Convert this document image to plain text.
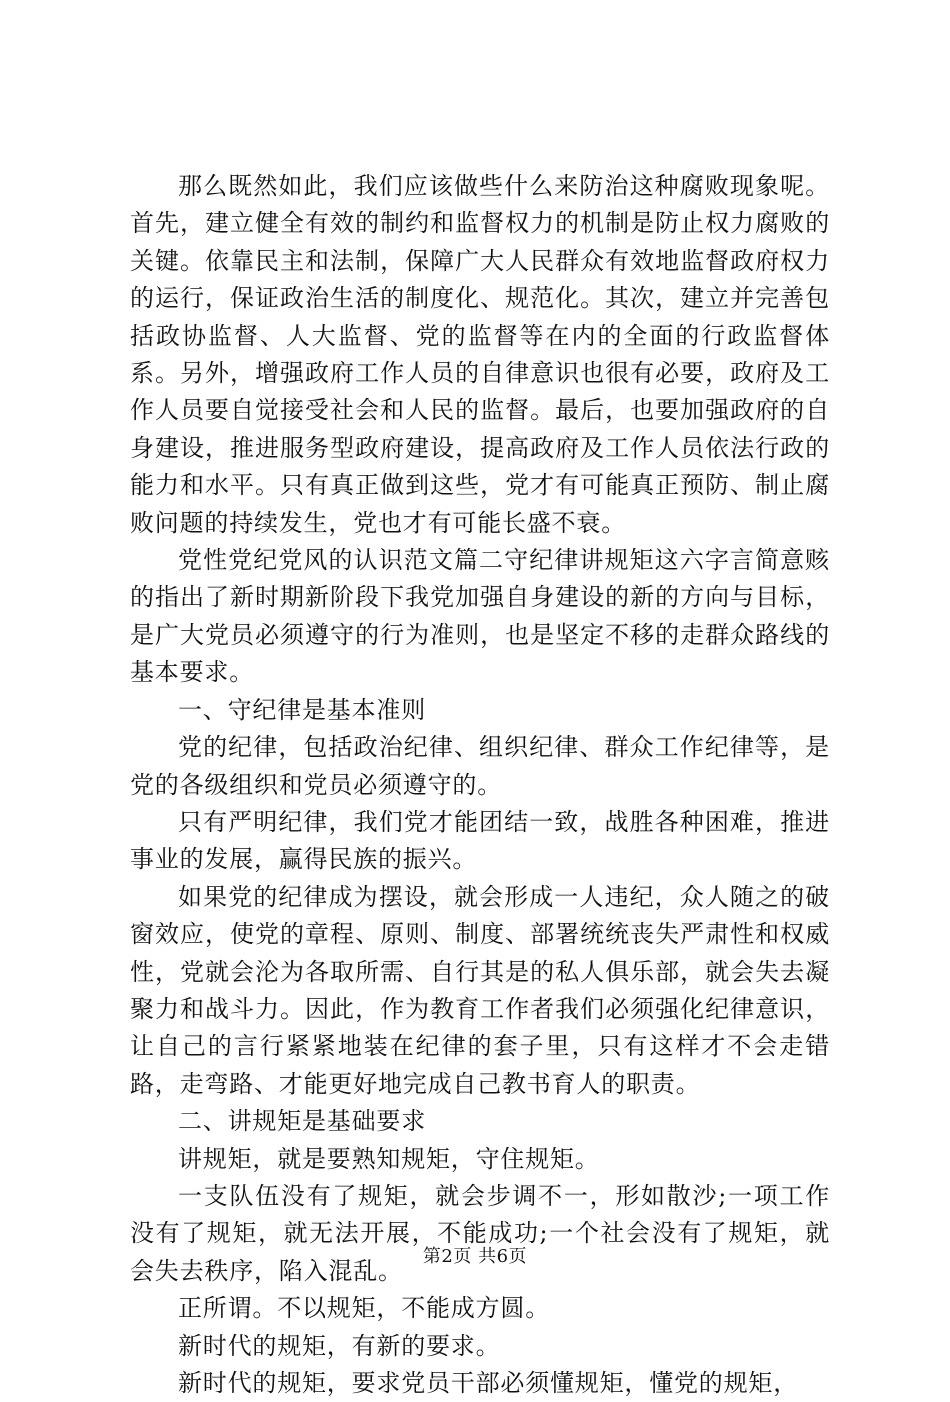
那么既然如此，我们应该做些什么来防治这种腐败现象呢。首先，建立健全有效的制约和监督权力的机制是防止权力腐败的关键。依靠民主和法制，保障广大人民群众有效地监督政府权力的运行，保证政治生活的制度化、规范化。其次，建立并完善包括政协监督、人大监督、党的监督等在内的全面的行政监督体系。另外，增强政府工作人员的自律意识也很有必要，政府及工作人员要自觉接受社会和人民的监督。最后，也要加强政府的自身建设，推进服务型政府建设，提高政府及工作人员依法行政的能力和水平。只有真正做到这些，党才有可能真正预防、制止腐败问题的持续发生，党也才有可能长盛不衰。

党性党纪党风的认识范文篇二守纪律讲规矩这六字言简意赅的指出了新时期新阶段下我党加强自身建设的新的方向与目标，是广大党员必须遵守的行为准则，也是坚定不移的走群众路线的基本要求。

一、守纪律是基本准则

党的纪律，包括政治纪律、组织纪律、群众工作纪律等，是党的各级组织和党员必须遵守的。

只有严明纪律，我们党才能团结一致，战胜各种困难，推进事业的发展，赢得民族的振兴。

如果党的纪律成为摆设，就会形成一人违纪，众人随之的破窗效应，使党的章程、原则、制度、部署统统丧失严肃性和权威性，党就会沦为各取所需、自行其是的私人俱乐部，就会失去凝聚力和战斗力。因此，作为教育工作者我们必须强化纪律意识，让自己的言行紧紧地装在纪律的套子里，只有这样才不会走错路，走弯路、才能更好地完成自己教书育人的职责。

二、讲规矩是基础要求

讲规矩，就是要熟知规矩，守住规矩。

一支队伍没有了规矩，就会步调不一，形如散沙;一项工作没有了规矩，就无法开展，不能成功;一个社会没有了规矩，就会失去秩序，陷入混乱。

正所谓。不以规矩，不能成方圆。

新时代的规矩，有新的要求。

新时代的规矩，要求党员干部必须懂规矩，懂党的规矩，

第2页 共6页
